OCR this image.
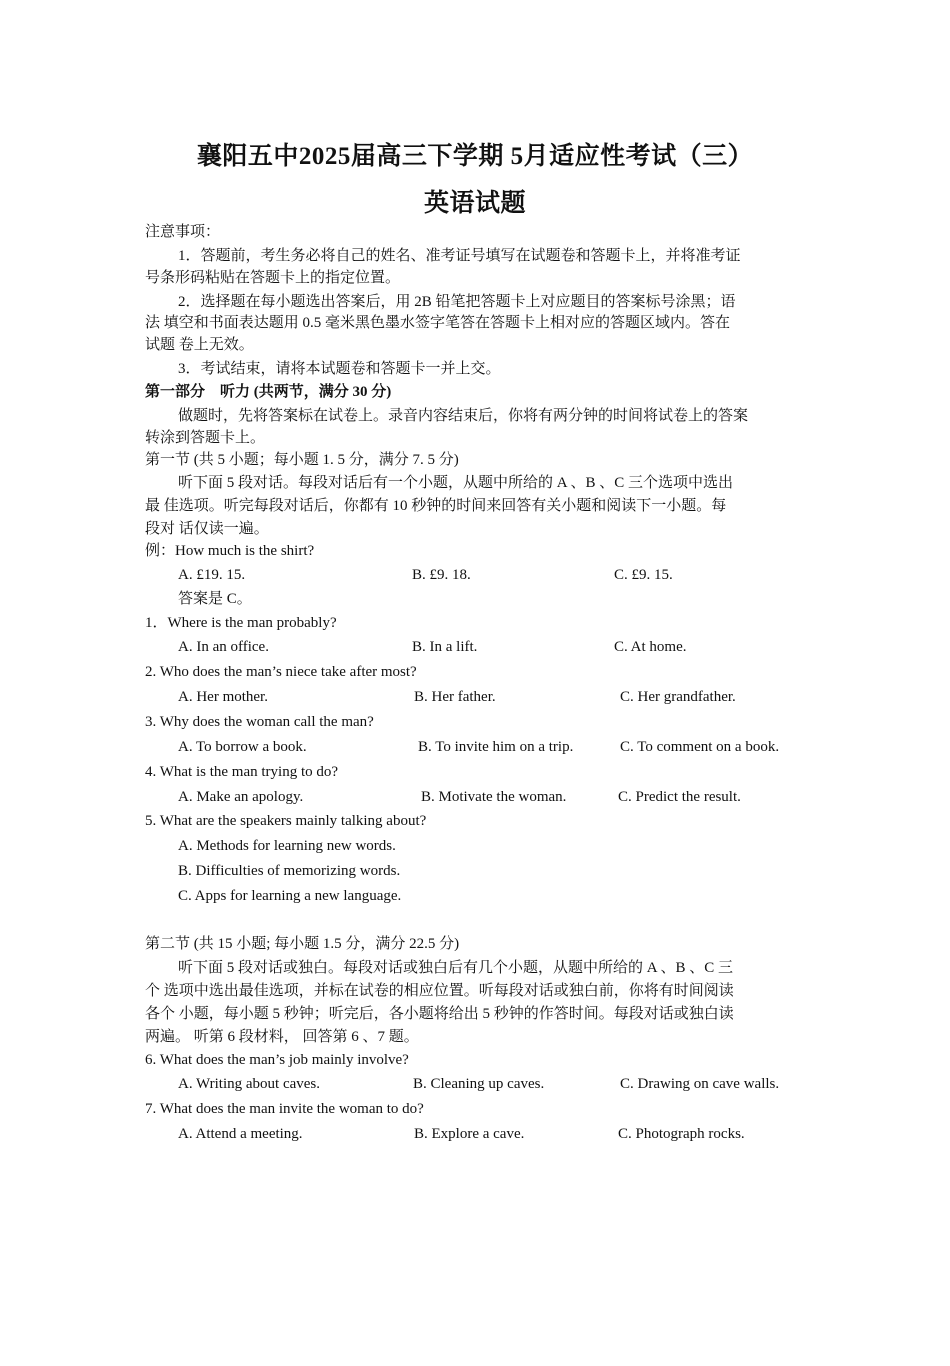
襄阳五中2025届高三下学期 5月适应性考试（三）
英语试题
注意事项：
1．答题前，考生务必将自己的姓名、准考证号填写在试题卷和答题卡上，并将准考证
号条形码粘贴在答题卡上的指定位置。
2．选择题在每小题选出答案后，用 2B 铅笔把答题卡上对应题目的答案标号涂黑；语
法 填空和书面表达题用 0.5 毫米黑色墨水签字笔答在答题卡上相对应的答题区域内。答在
试题 卷上无效。
3．考试结束，请将本试题卷和答题卡一并上交。
第一部分　听力 (共两节，满分 30 分)
做题时，先将答案标在试卷上。录音内容结束后，你将有两分钟的时间将试卷上的答案
转涂到答题卡上。
第一节 (共 5 小题；每小题 1. 5 分，满分 7. 5 分)
听下面 5 段对话。每段对话后有一个小题，从题中所给的 A 、B 、C 三个选项中选出
最 佳选项。听完每段对话后，你都有 10 秒钟的时间来回答有关小题和阅读下一小题。每
段对 话仅读一遍。
例：How much is the shirt?
A. £19. 15.	B. £9. 18.	C. £9. 15.
答案是 C。
1．Where is the man probably?
A. In an office.	B. In a lift.	C. At home.
2. Who does the man’s niece take after most?
A. Her mother.	B. Her father.	C. Her grandfather.
3. Why does the woman call the man?
A. To borrow a book.	B. To invite him on a trip.	C. To comment on a book.
4. What is the man trying to do?
A. Make an apology.	B. Motivate the woman.	C. Predict the result.
5. What are the speakers mainly talking about?
A. Methods for learning new words.
B. Difficulties of memorizing words.
C. Apps for learning a new language.
第二节 (共 15 小题; 每小题 1.5 分，满分 22.5 分)
听下面 5 段对话或独白。每段对话或独白后有几个小题，从题中所给的 A 、B 、C 三
个 选项中选出最佳选项，并标在试卷的相应位置。听每段对话或独白前，你将有时间阅读
各个 小题，每小题 5 秒钟；听完后，各小题将给出 5 秒钟的作答时间。每段对话或独白读
两遍。 听第 6 段材料， 回答第 6 、7 题。
6. What does the man’s job mainly involve?
A. Writing about caves.	B. Cleaning up caves.	C. Drawing on cave walls.
7. What does the man invite the woman to do?
A. Attend a meeting.	B. Explore a cave.	C. Photograph rocks.
